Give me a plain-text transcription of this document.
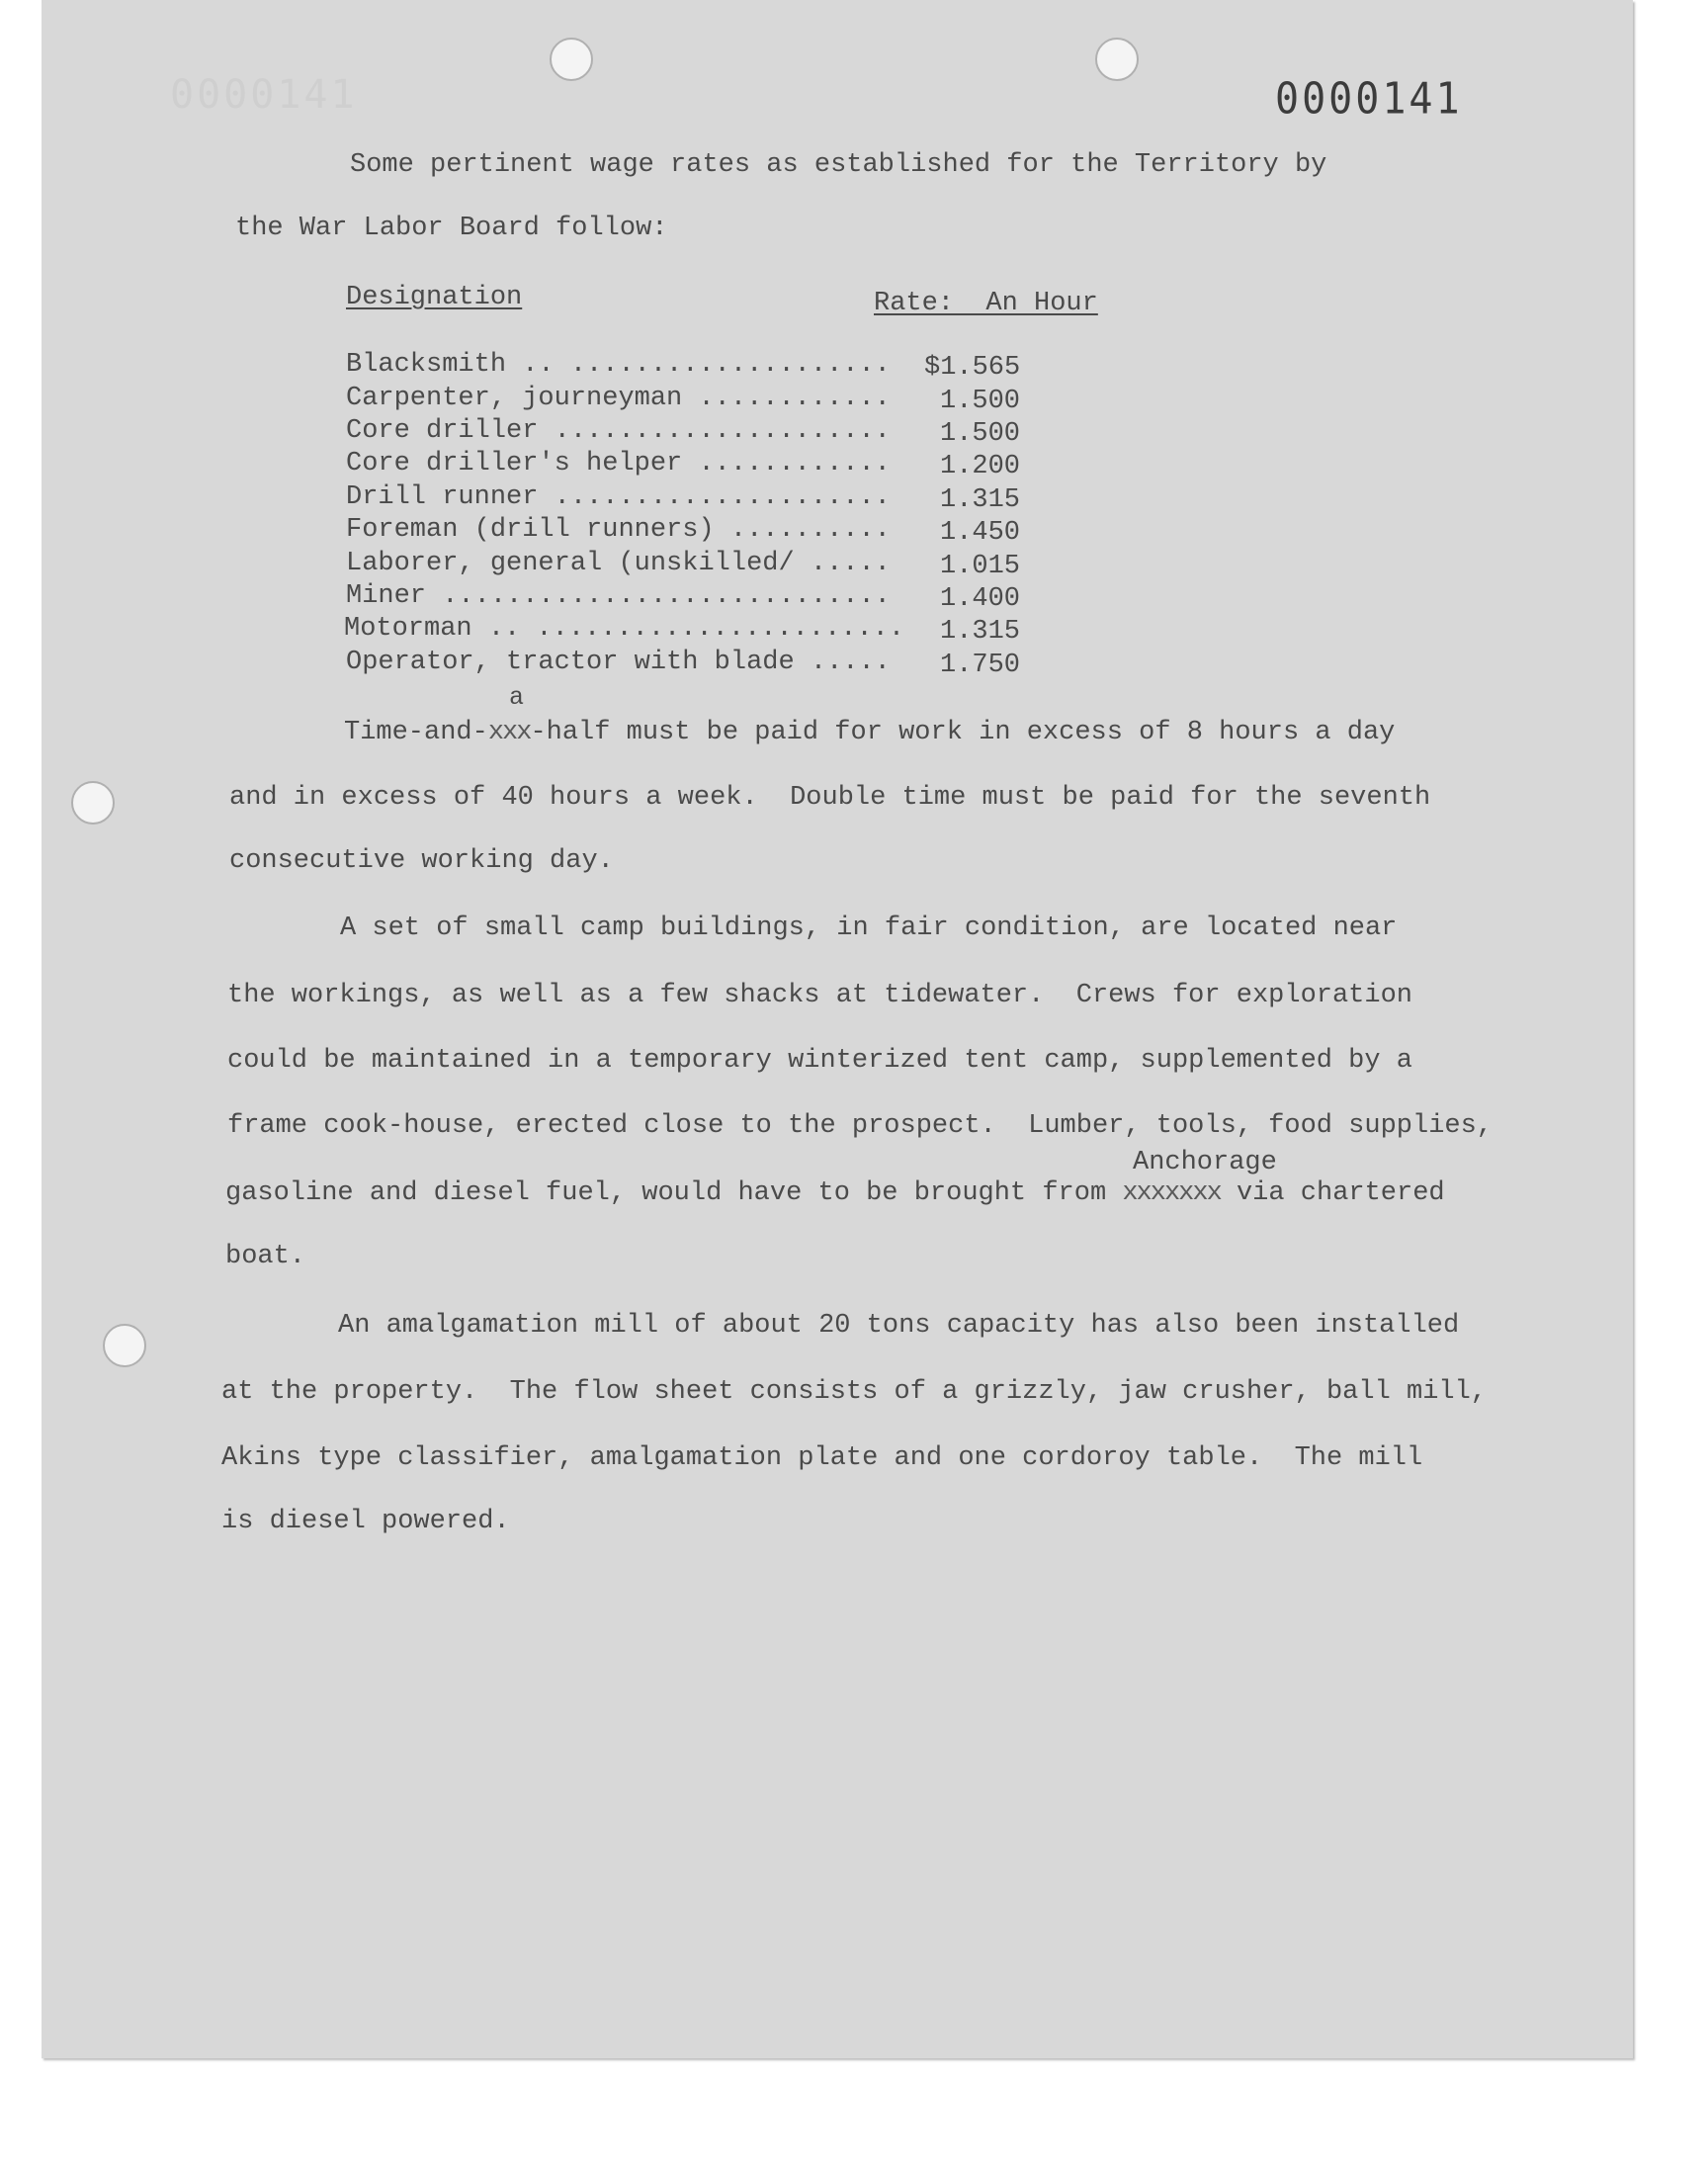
0000141	0000141
Some pertinent wage rates as established for the Territory by
the War Labor Board follow:
Designation	Rate:  An Hour
Blacksmith .. .................... $1.565
Carpenter, journeyman ............ 1.500
Core driller ..................... 1.500
Core driller's helper ............ 1.200
Drill runner ..................... 1.315
Foreman (drill runners) .......... 1.450
Laborer, general (unskilled/ ..... 1.015
Miner ............................ 1.400
Motorman .. ....................... 1.315
Operator, tractor with blade ..... 1.750
a
Time-and-xxx-half must be paid for work in excess of 8 hours a day
and in excess of 40 hours a week.  Double time must be paid for the seventh
consecutive working day.
A set of small camp buildings, in fair condition, are located near
the workings, as well as a few shacks at tidewater.  Crews for exploration
could be maintained in a temporary winterized tent camp, supplemented by a
frame cook-house, erected close to the prospect.  Lumber, tools, food supplies,
Anchorage
gasoline and diesel fuel, would have to be brought from xxxxxxx via chartered
boat.
An amalgamation mill of about 20 tons capacity has also been installed
at the property.  The flow sheet consists of a grizzly, jaw crusher, ball mill,
Akins type classifier, amalgamation plate and one cordoroy table.  The mill
is diesel powered.
